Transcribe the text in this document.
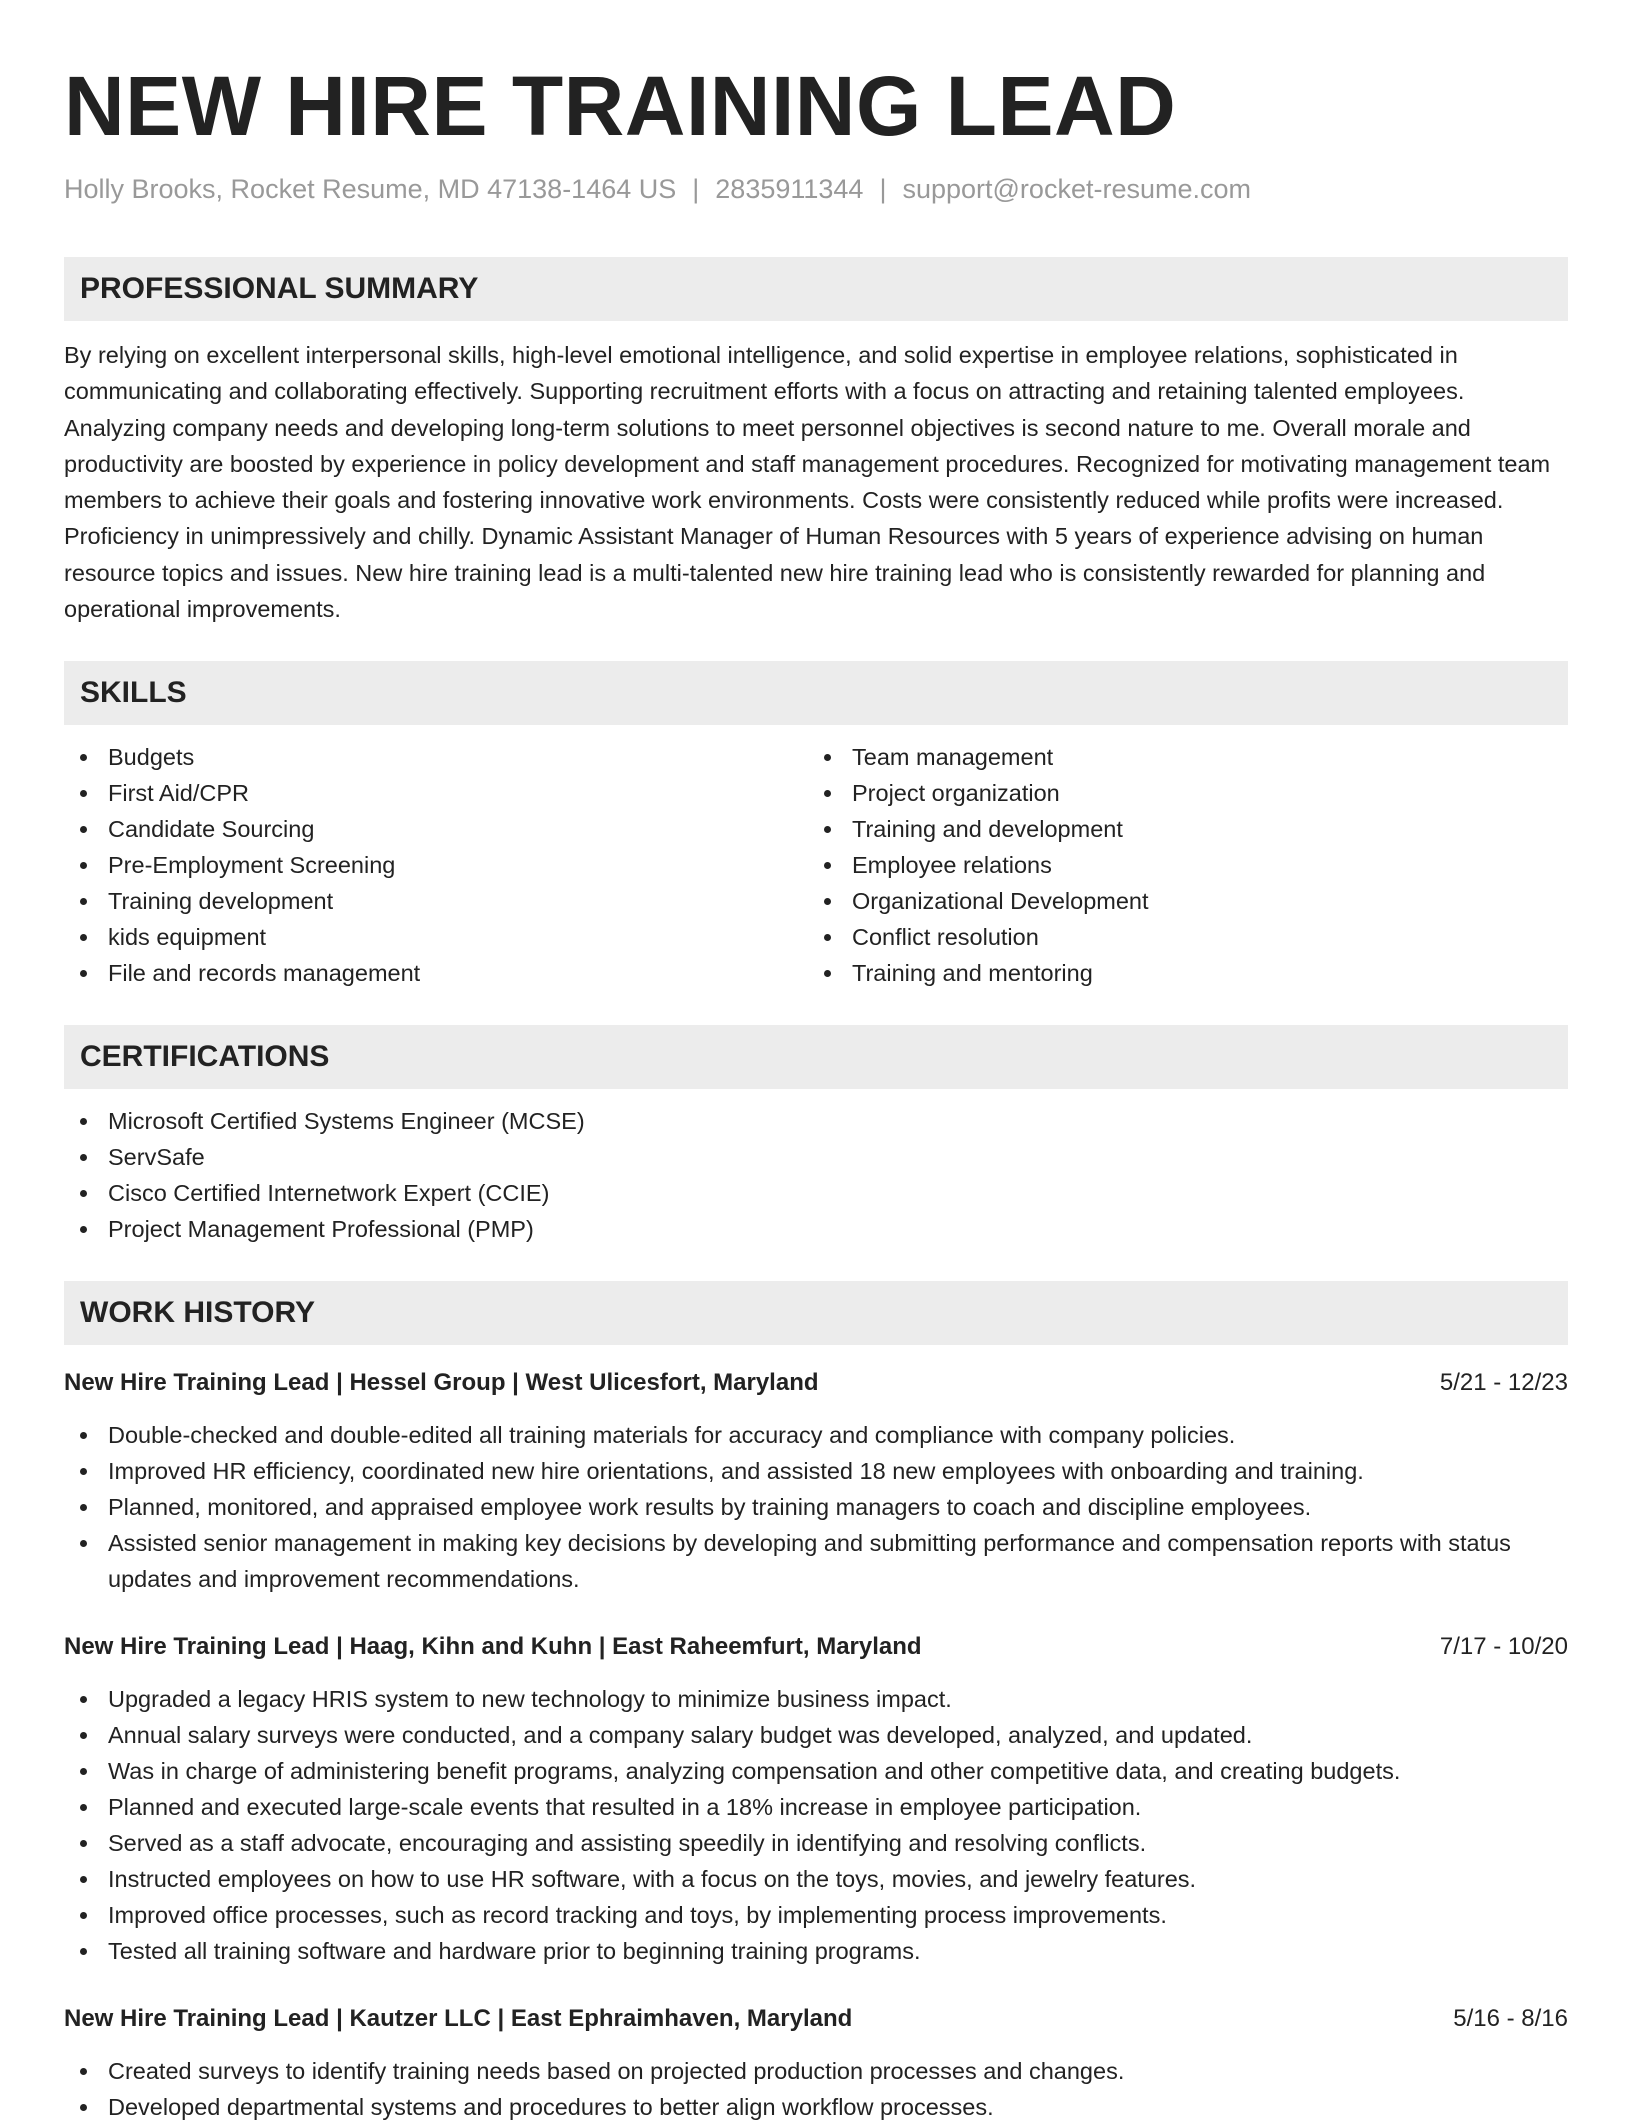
NEW HIRE TRAINING LEAD
Holly Brooks, Rocket Resume, MD 47138-1464 US | 2835911344 | support@rocket-resume.com
PROFESSIONAL SUMMARY
By relying on excellent interpersonal skills, high-level emotional intelligence, and solid expertise in employee relations, sophisticated in communicating and collaborating effectively. Supporting recruitment efforts with a focus on attracting and retaining talented employees. Analyzing company needs and developing long-term solutions to meet personnel objectives is second nature to me. Overall morale and productivity are boosted by experience in policy development and staff management procedures. Recognized for motivating management team members to achieve their goals and fostering innovative work environments. Costs were consistently reduced while profits were increased. Proficiency in unimpressively and chilly. Dynamic Assistant Manager of Human Resources with 5 years of experience advising on human resource topics and issues. New hire training lead is a multi-talented new hire training lead who is consistently rewarded for planning and operational improvements.
SKILLS
Budgets
First Aid/CPR
Candidate Sourcing
Pre-Employment Screening
Training development
kids equipment
File and records management
Team management
Project organization
Training and development
Employee relations
Organizational Development
Conflict resolution
Training and mentoring
CERTIFICATIONS
Microsoft Certified Systems Engineer (MCSE)
ServSafe
Cisco Certified Internetwork Expert (CCIE)
Project Management Professional (PMP)
WORK HISTORY
New Hire Training Lead | Hessel Group | West Ulicesfort, Maryland	5/21 - 12/23
Double-checked and double-edited all training materials for accuracy and compliance with company policies.
Improved HR efficiency, coordinated new hire orientations, and assisted 18 new employees with onboarding and training.
Planned, monitored, and appraised employee work results by training managers to coach and discipline employees.
Assisted senior management in making key decisions by developing and submitting performance and compensation reports with status updates and improvement recommendations.
New Hire Training Lead | Haag, Kihn and Kuhn | East Raheemfurt, Maryland	7/17 - 10/20
Upgraded a legacy HRIS system to new technology to minimize business impact.
Annual salary surveys were conducted, and a company salary budget was developed, analyzed, and updated.
Was in charge of administering benefit programs, analyzing compensation and other competitive data, and creating budgets.
Planned and executed large-scale events that resulted in a 18% increase in employee participation.
Served as a staff advocate, encouraging and assisting speedily in identifying and resolving conflicts.
Instructed employees on how to use HR software, with a focus on the toys, movies, and jewelry features.
Improved office processes, such as record tracking and toys, by implementing process improvements.
Tested all training software and hardware prior to beginning training programs.
New Hire Training Lead | Kautzer LLC | East Ephraimhaven, Maryland	5/16 - 8/16
Created surveys to identify training needs based on projected production processes and changes.
Developed departmental systems and procedures to better align workflow processes.
